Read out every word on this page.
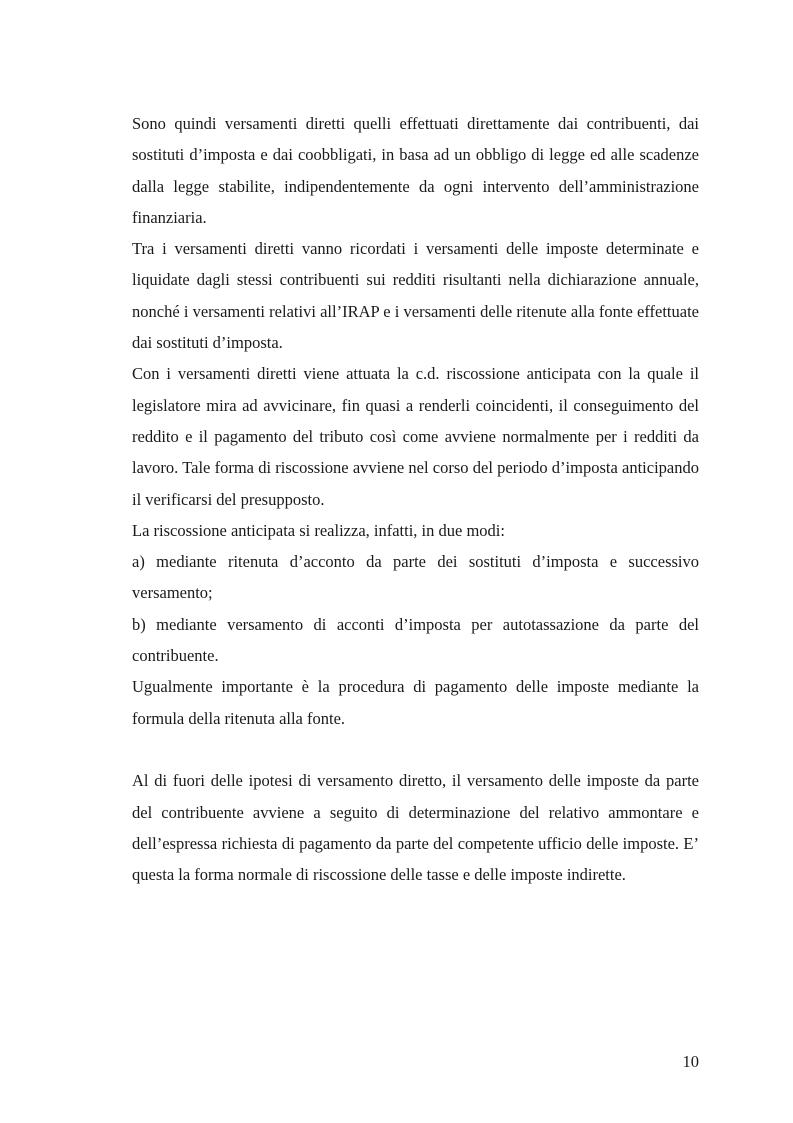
Sono quindi versamenti diretti quelli effettuati direttamente dai contribuenti, dai sostituti d’imposta e dai coobbligati, in basa ad un obbligo di legge ed alle scadenze dalla legge stabilite, indipendentemente da ogni intervento dell’amministrazione finanziaria.

Tra i versamenti diretti vanno ricordati i versamenti delle imposte determinate e liquidate dagli stessi contribuenti sui redditi risultanti nella dichiarazione annuale, nonché i versamenti relativi all’IRAP e i versamenti delle ritenute alla fonte effettuate dai sostituti d’imposta.

Con i versamenti diretti viene attuata la c.d. riscossione anticipata con la quale il legislatore mira ad avvicinare, fin quasi a renderli coincidenti, il conseguimento del reddito e il pagamento del tributo così come avviene normalmente per i redditi da lavoro. Tale forma di riscossione avviene nel corso del periodo d’imposta anticipando il verificarsi del presupposto.

La riscossione anticipata si realizza, infatti, in due modi:

a) mediante ritenuta d’acconto da parte dei sostituti d’imposta e successivo versamento;

b) mediante versamento di acconti d’imposta per autotassazione da parte del contribuente.

Ugualmente importante è la procedura di pagamento delle imposte mediante la formula della ritenuta alla fonte.

Al di fuori delle ipotesi di versamento diretto, il versamento delle imposte da parte del contribuente avviene a seguito di determinazione del relativo ammontare e dell’espressa richiesta di pagamento da parte del competente ufficio delle imposte. E’ questa la forma normale di riscossione delle tasse e delle imposte indirette.

10
